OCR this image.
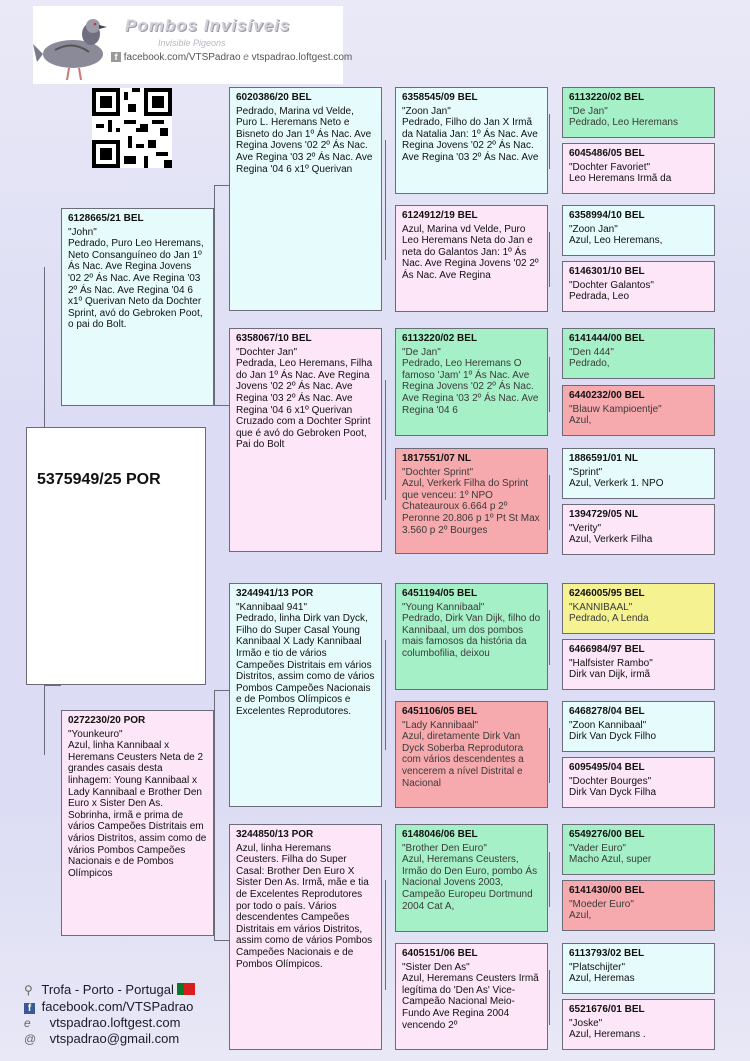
Pombos Invisíveis
Invisible Pigeons
f facebook.com/VTSPadrao e vtspadrao.loftgest.com
5375949/25 POR
6128665/21 BEL
"John"
Pedrado, Puro Leo Heremans, Neto Consanguíneo do Jan 1º Ás Nac. Ave Regina Jovens '02 2º Ás Nac. Ave Regina '03 2º Ás Nac. Ave Regina '04 6 x1º Querivan Neto da Dochter Sprint, avó do Gebroken Poot, o pai do Bolt.
0272230/20 POR
"Younkeuro"
Azul, linha Kannibaal x Heremans Ceusters Neta de 2 grandes casais desta linhagem: Young Kannibaal x Lady Kannibaal e Brother Den Euro x Sister Den As. Sobrinha, irmã e prima de vários Campeões Distritais em vários Distritos, assim como de vários Pombos Campeões Nacionais e de Pombos Olímpicos
6020386/20 BEL
Pedrado, Marina vd Velde, Puro L. Heremans Neto e Bisneto do Jan 1º Ás Nac. Ave Regina Jovens '02 2º Ás Nac. Ave Regina '03 2º Ás Nac. Ave Regina '04 6 x1º Querivan
6358067/10 BEL
"Dochter Jan"
Pedrada, Leo Heremans, Filha do Jan 1º Ás Nac. Ave Regina Jovens '02 2º Ás Nac. Ave Regina '03 2º Ás Nac. Ave Regina '04 6 x1º Querivan Cruzado com a Dochter Sprint que é avó do Gebroken Poot, Pai do Bolt
3244941/13 POR
"Kannibaal 941"
Pedrado, linha Dirk van Dyck, Filho do Super Casal Young Kannibaal X Lady Kannibaal Irmão e tio de vários Campeões Distritais em vários Distritos, assim como de vários Pombos Campeões Nacionais e de Pombos Olímpicos e Excelentes Reprodutores.
3244850/13 POR
Azul, linha Heremans Ceusters. Filha do Super Casal: Brother Den Euro X Sister Den As. Irmã, mãe e tia de Excelentes Reprodutores por todo o país. Vários descendentes Campeões Distritais em vários Distritos, assim como de vários Pombos Campeões Nacionais e de Pombos Olímpicos.
6358545/09 BEL
"Zoon Jan"
Pedrado, Filho do Jan X Irmã da Natalia Jan: 1º Ás Nac. Ave Regina Jovens '02 2º Ás Nac. Ave Regina '03 2º Ás Nac. Ave
6124912/19 BEL
Azul, Marina vd Velde, Puro Leo Heremans Neta do Jan e neta do Galantos Jan: 1º Ás Nac. Ave Regina Jovens '02 2º Ás Nac. Ave Regina
6113220/02 BEL
"De Jan"
Pedrado, Leo Heremans O famoso 'Jam' 1º Ás Nac. Ave Regina Jovens '02 2º Ás Nac. Ave Regina '03 2º Ás Nac. Ave Regina '04 6
1817551/07 NL
"Dochter Sprint"
Azul, Verkerk Filha do Sprint que venceu: 1º NPO Chateauroux 6.664 p 2º Peronne 20.806 p 1º Pt St Max 3.560 p 2º Bourges
6451194/05 BEL
"Young Kannibaal"
Pedrado, Dirk Van Dijk, filho do Kannibaal, um dos pombos mais famosos da história da columbofilia, deixou
6451106/05 BEL
"Lady Kannibaal"
Azul, diretamente Dirk Van Dyck Soberba Reprodutora com vários descendentes a vencerem a nível Distrital e Nacional
6148046/06 BEL
"Brother Den Euro"
Azul, Heremans Ceusters, Irmão do Den Euro, pombo Ás Nacional Jovens 2003, Campeão Europeu Dortmund 2004 Cat A,
6405151/06 BEL
"Sister Den As"
Azul, Heremans Ceusters Irmã legítima do 'Den As' Vice-Campeão Nacional Meio-Fundo Ave Regina 2004 vencendo 2º
6113220/02 BEL
"De Jan"
Pedrado, Leo Heremans
6045486/05 BEL
"Dochter Favoriet"
Leo Heremans Irmã da
6358994/10 BEL
"Zoon Jan"
Azul, Leo Heremans,
6146301/10 BEL
"Dochter Galantos"
Pedrada, Leo
6141444/00 BEL
"Den 444"
Pedrado,
6440232/00 BEL
"Blauw Kampioentje"
Azul,
1886591/01 NL
"Sprint"
Azul, Verkerk 1. NPO
1394729/05 NL
"Verity"
Azul, Verkerk Filha
6246005/95 BEL
"KANNIBAAL"
Pedrado, A Lenda
6466984/97 BEL
"Halfsister Rambo"
Dirk van Dijk, irmã
6468278/04 BEL
"Zoon Kannibaal"
Dirk Van Dyck Filho
6095495/04 BEL
"Dochter Bourges"
Dirk Van Dyck Filha
6549276/00 BEL
"Vader Euro"
Macho Azul, super
6141430/00 BEL
"Moeder Euro"
Azul,
6113793/02 BEL
"Platschijter"
Azul, Heremas
6521676/01 BEL
"Joske"
Azul, Heremans .
⚲ Trofa - Porto - Portugal
f facebook.com/VTSPadrao
e vtspadrao.loftgest.com
@ vtspadrao@gmail.com
